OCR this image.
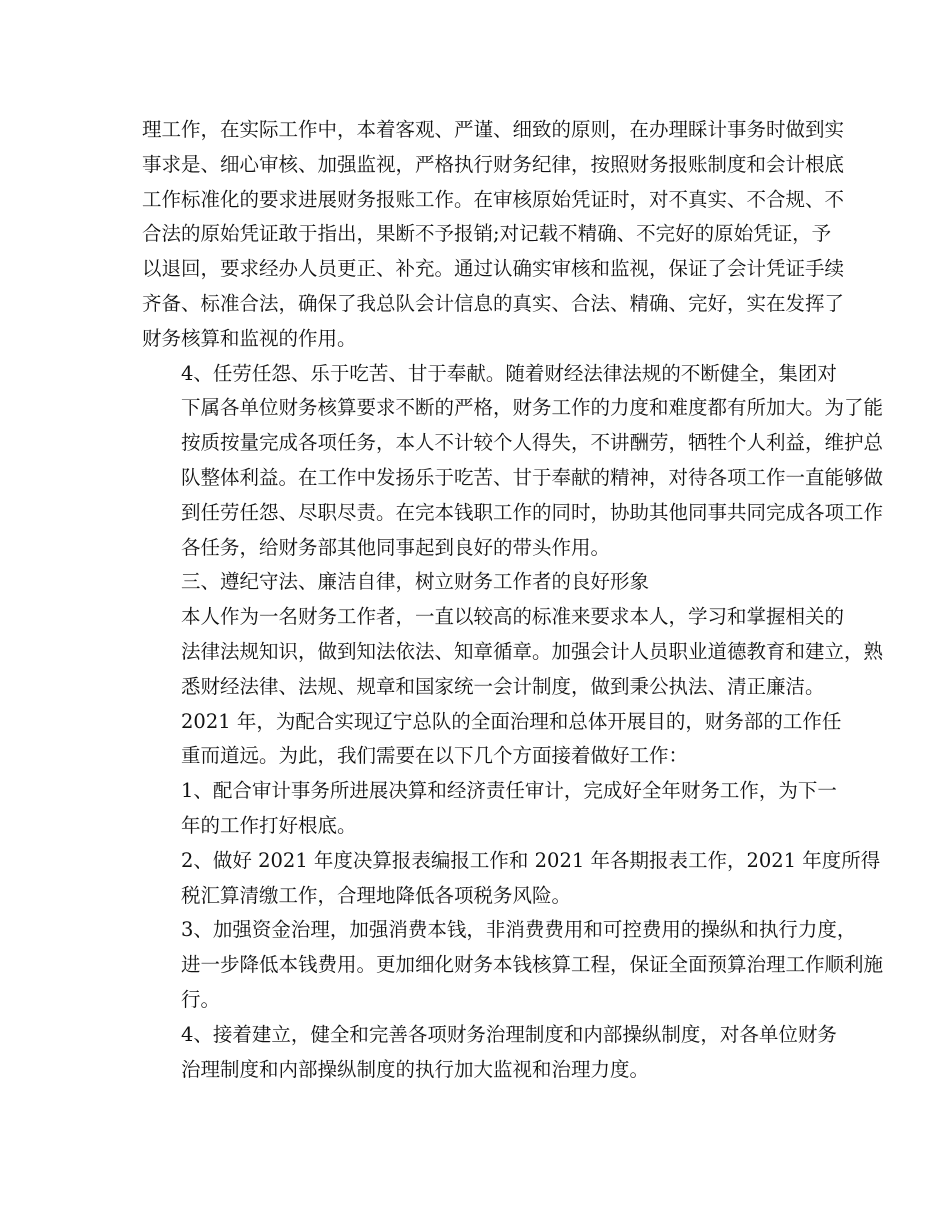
理工作，在实际工作中，本着客观、严谨、细致的原则，在办理睬计事务时做到实
事求是、细心审核、加强监视，严格执行财务纪律，按照财务报账制度和会计根底
工作标准化的要求进展财务报账工作。在审核原始凭证时，对不真实、不合规、不
合法的原始凭证敢于指出，果断不予报销;对记载不精确、不完好的原始凭证，予
以退回，要求经办人员更正、补充。通过认确实审核和监视，保证了会计凭证手续
齐备、标准合法，确保了我总队会计信息的真实、合法、精确、完好，实在发挥了
财务核算和监视的作用。

4、任劳任怨、乐于吃苦、甘于奉献。随着财经法律法规的不断健全，集团对
下属各单位财务核算要求不断的严格，财务工作的力度和难度都有所加大。为了能
按质按量完成各项任务，本人不计较个人得失，不讲酬劳，牺牲个人利益，维护总
队整体利益。在工作中发扬乐于吃苦、甘于奉献的精神，对待各项工作一直能够做
到任劳任怨、尽职尽责。在完本钱职工作的同时，协助其他同事共同完成各项工作
各任务，给财务部其他同事起到良好的带头作用。

三、遵纪守法、廉洁自律，树立财务工作者的良好形象

本人作为一名财务工作者，一直以较高的标准来要求本人，学习和掌握相关的
法律法规知识，做到知法依法、知章循章。加强会计人员职业道德教育和建立，熟
悉财经法律、法规、规章和国家统一会计制度，做到秉公执法、清正廉洁。

2021 年，为配合实现辽宁总队的全面治理和总体开展目的，财务部的工作任
重而道远。为此，我们需要在以下几个方面接着做好工作：

1、配合审计事务所进展决算和经济责任审计，完成好全年财务工作，为下一
年的工作打好根底。

2、做好 2021 年度决算报表编报工作和 2021 年各期报表工作，2021 年度所得
税汇算清缴工作，合理地降低各项税务风险。

3、加强资金治理，加强消费本钱，非消费费用和可控费用的操纵和执行力度，
进一步降低本钱费用。更加细化财务本钱核算工程，保证全面预算治理工作顺利施
行。

4、接着建立，健全和完善各项财务治理制度和内部操纵制度，对各单位财务
治理制度和内部操纵制度的执行加大监视和治理力度。
